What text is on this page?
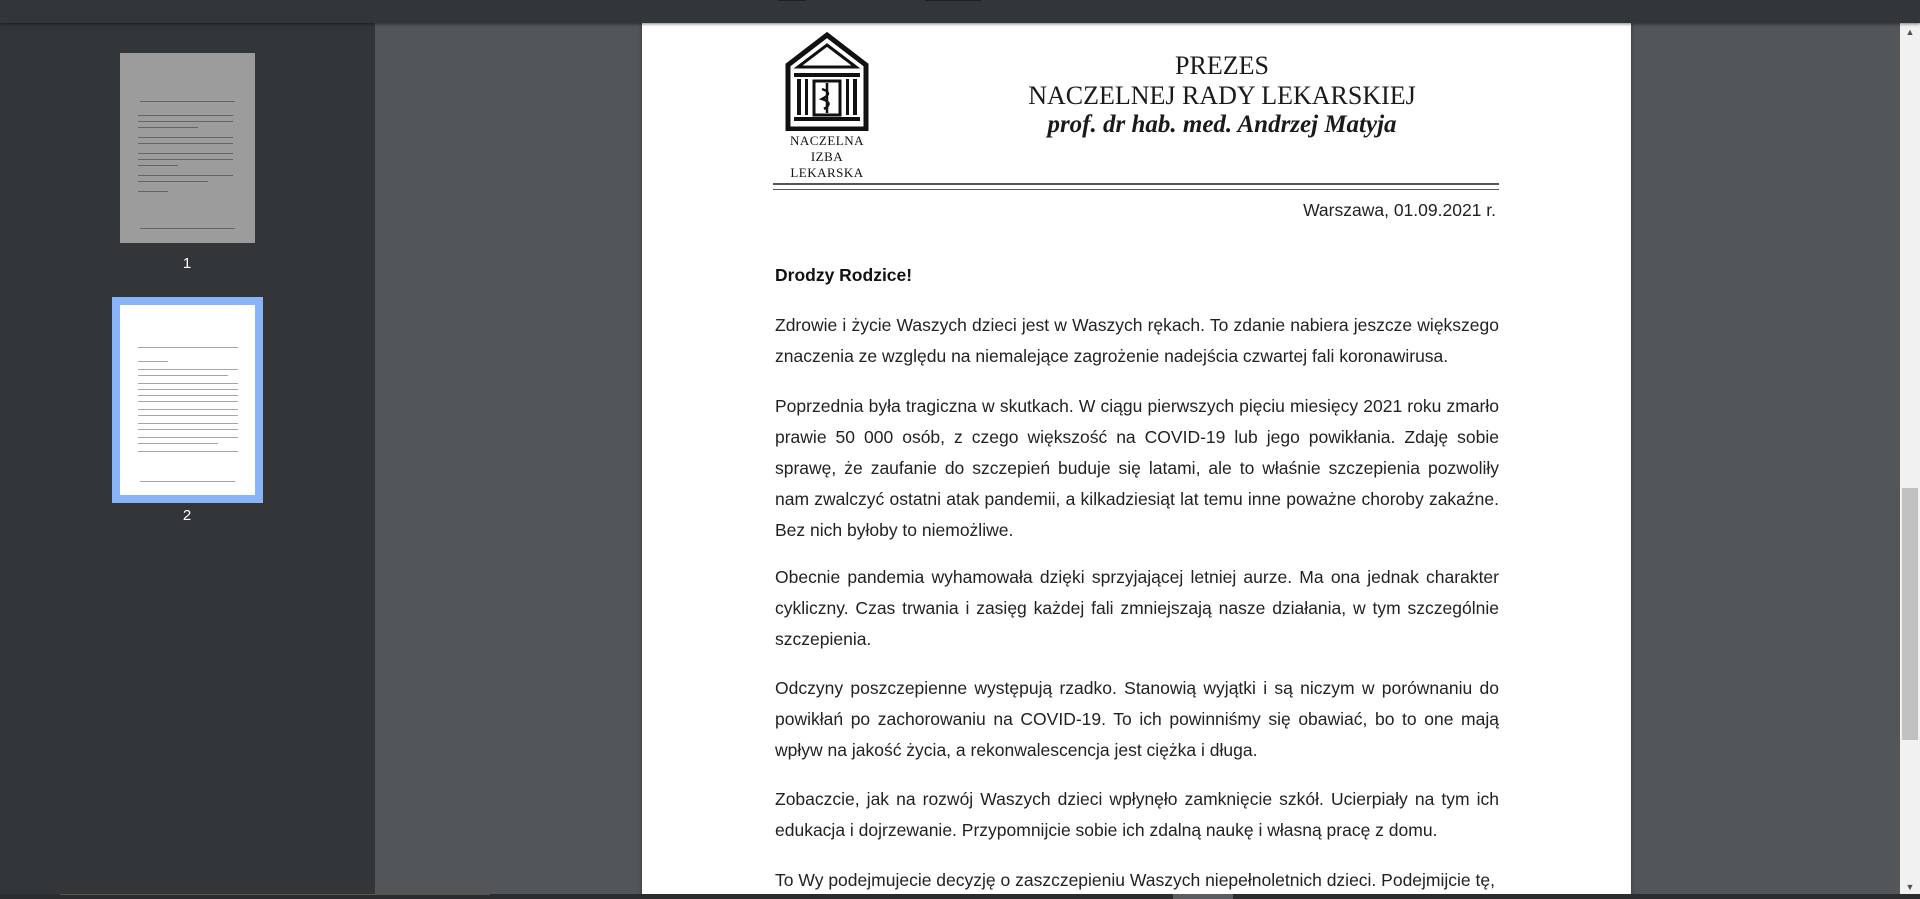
1
2
NACZELNA
IZBA LEKARSKA
PREZES
NACZELNEJ RADY LEKARSKIEJ
prof. dr hab. med. Andrzej Matyja
Warszawa, 01.09.2021 r.
Drodzy Rodzice!
Zdrowie i życie Waszych dzieci jest w Waszych rękach. To zdanie nabiera jeszcze większego znaczenia ze względu na niemalejące zagrożenie nadejścia czwartej fali koronawirusa.
Poprzednia była tragiczna w skutkach. W ciągu pierwszych pięciu miesięcy 2021 roku zmarło prawie 50 000 osób, z czego większość na COVID-19 lub jego powikłania. Zdaję sobie sprawę, że zaufanie do szczepień buduje się latami, ale to właśnie szczepienia pozwoliły nam zwalczyć ostatni atak pandemii, a kilkadziesiąt lat temu inne poważne choroby zakaźne. Bez nich byłoby to niemożliwe.
Obecnie pandemia wyhamowała dzięki sprzyjającej letniej aurze. Ma ona jednak charakter cykliczny. Czas trwania i zasięg każdej fali zmniejszają nasze działania, w tym szczególnie szczepienia.
Odczyny poszczepienne występują rzadko. Stanowią wyjątki i są niczym w porównaniu do powikłań po zachorowaniu na COVID-19. To ich powinniśmy się obawiać, bo to one mają wpływ na jakość życia, a rekonwalescencja jest ciężka i długa.
Zobaczcie, jak na rozwój Waszych dzieci wpłynęło zamknięcie szkół. Ucierpiały na tym ich edukacja i dojrzewanie. Przypomnijcie sobie ich zdalną naukę i własną pracę z domu.
To Wy podejmujecie decyzję o zaszczepieniu Waszych niepełnoletnich dzieci. Podejmijcie tę,
▲
▼
